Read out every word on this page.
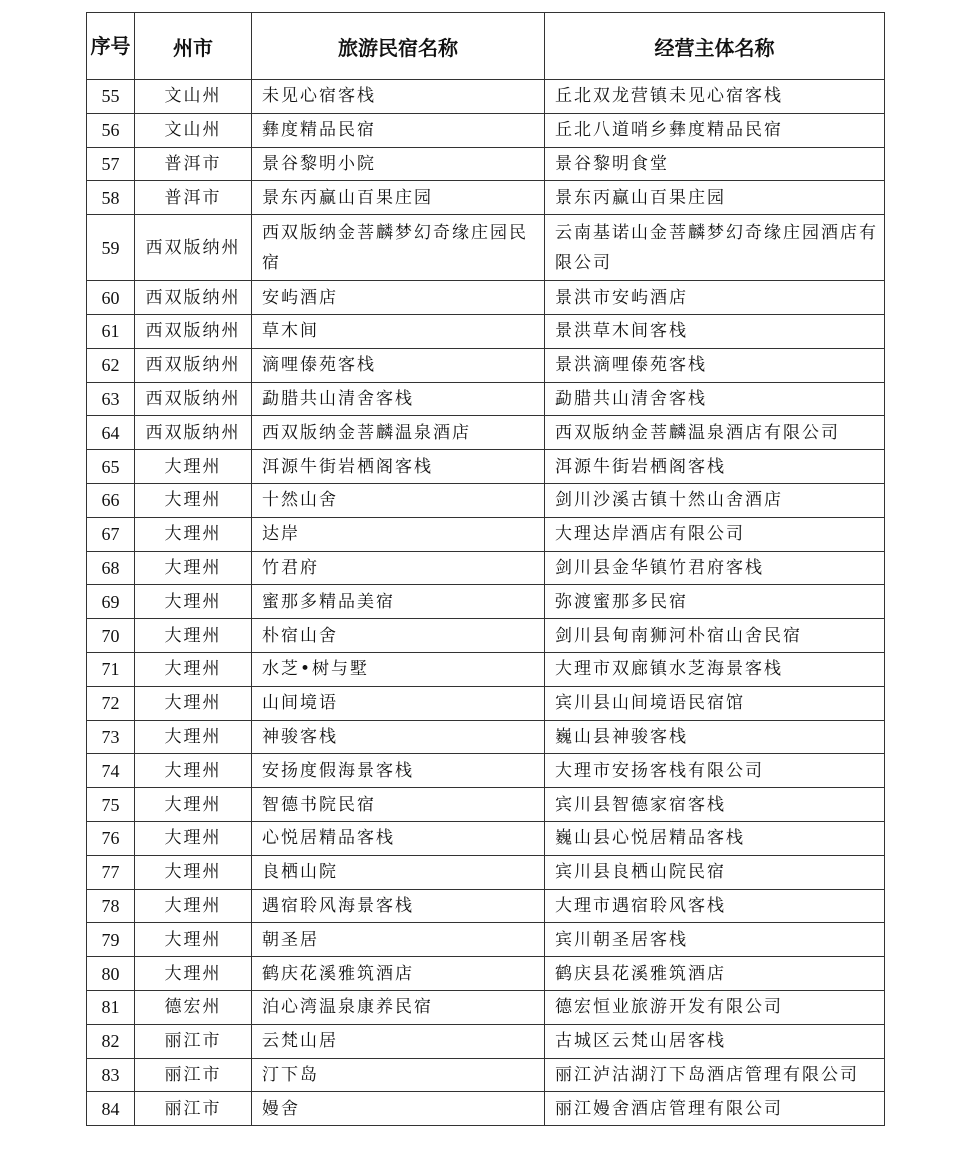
序号	州市	旅游民宿名称	经营主体名称
55	文山州	未见心宿客栈	丘北双龙营镇未见心宿客栈
56	文山州	彝度精品民宿	丘北八道哨乡彝度精品民宿
57	普洱市	景谷黎明小院	景谷黎明食堂
58	普洱市	景东丙赢山百果庄园	景东丙赢山百果庄园
59	西双版纳州	西双版纳金菩麟梦幻奇缘庄园民宿	云南基诺山金菩麟梦幻奇缘庄园酒店有限公司
60	西双版纳州	安屿酒店	景洪市安屿酒店
61	西双版纳州	草木间	景洪草木间客栈
62	西双版纳州	滴哩傣苑客栈	景洪滴哩傣苑客栈
63	西双版纳州	勐腊共山清舍客栈	勐腊共山清舍客栈
64	西双版纳州	西双版纳金菩麟温泉酒店	西双版纳金菩麟温泉酒店有限公司
65	大理州	洱源牛街岩栖阁客栈	洱源牛街岩栖阁客栈
66	大理州	十然山舍	剑川沙溪古镇十然山舍酒店
67	大理州	达岸	大理达岸酒店有限公司
68	大理州	竹君府	剑川县金华镇竹君府客栈
69	大理州	蜜那多精品美宿	弥渡蜜那多民宿
70	大理州	朴宿山舍	剑川县甸南狮河朴宿山舍民宿
71	大理州	水芝•树与墅	大理市双廊镇水芝海景客栈
72	大理州	山间境语	宾川县山间境语民宿馆
73	大理州	神骏客栈	巍山县神骏客栈
74	大理州	安扬度假海景客栈	大理市安扬客栈有限公司
75	大理州	智德书院民宿	宾川县智德家宿客栈
76	大理州	心悦居精品客栈	巍山县心悦居精品客栈
77	大理州	良栖山院	宾川县良栖山院民宿
78	大理州	遇宿聆风海景客栈	大理市遇宿聆风客栈
79	大理州	朝圣居	宾川朝圣居客栈
80	大理州	鹤庆花溪雅筑酒店	鹤庆县花溪雅筑酒店
81	德宏州	泊心湾温泉康养民宿	德宏恒业旅游开发有限公司
82	丽江市	云梵山居	古城区云梵山居客栈
83	丽江市	汀下岛	丽江泸沽湖汀下岛酒店管理有限公司
84	丽江市	嫚舍	丽江嫚舍酒店管理有限公司
